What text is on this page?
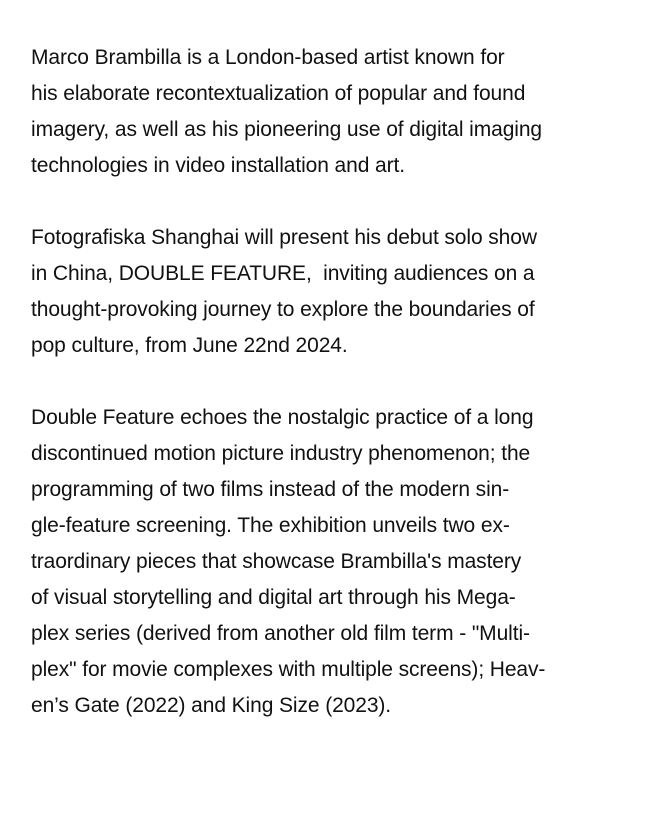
Marco Brambilla is a London-based artist known for
his elaborate recontextualization of popular and found
imagery, as well as his pioneering use of digital imaging
technologies in video installation and art.
Fotografiska Shanghai will present his debut solo show
in China, DOUBLE FEATURE,  inviting audiences on a
thought-provoking journey to explore the boundaries of
pop culture, from June 22nd 2024.
Double Feature echoes the nostalgic practice of a long
discontinued motion picture industry phenomenon; the
programming of two films instead of the modern sin-
gle-feature screening. The exhibition unveils two ex-
traordinary pieces that showcase Brambilla's mastery
of visual storytelling and digital art through his Mega-
plex series (derived from another old film term - "Multi-
plex" for movie complexes with multiple screens); Heav-
en’s Gate (2022) and King Size (2023).
